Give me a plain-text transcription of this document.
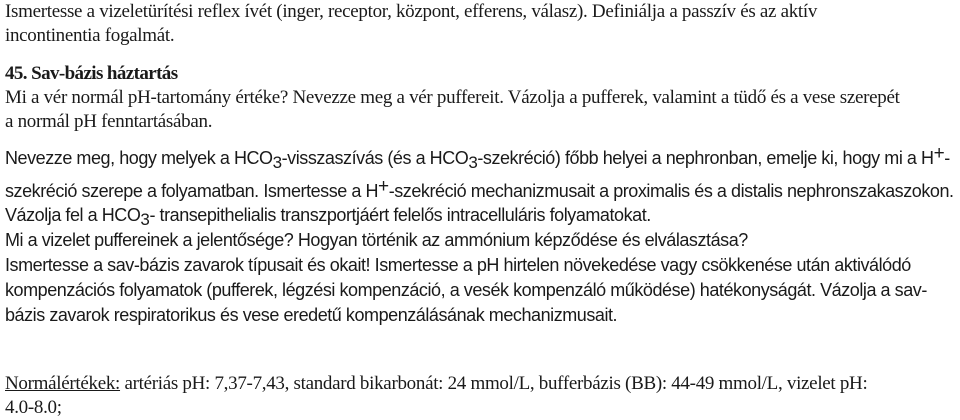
Ismertesse a vizeletürítési reflex ívét (inger, receptor, központ, efferens, válasz). Definiálja a passzív és az aktív
incontinentia fogalmát.
45. Sav-bázis háztartás
Mi a vér normál pH-tartomány értéke? Nevezze meg a vér puffereit. Vázolja a pufferek, valamint a tüdő és a vese szerepét
a normál pH fenntartásában.
Nevezze meg, hogy melyek a HCO3-visszaszívás (és a HCO3-szekréció) főbb helyei a nephronban, emelje ki, hogy mi a H+-
szekréció szerepe a folyamatban. Ismertesse a H+-szekréció mechanizmusait a proximalis és a distalis nephronszakaszokon.
Vázolja fel a HCO3- transepithelialis transzportjáért felelős intracelluláris folyamatokat.
Mi a vizelet puffereinek a jelentősége? Hogyan történik az ammónium képződése és elválasztása?
Ismertesse a sav-bázis zavarok típusait és okait! Ismertesse a pH hirtelen növekedése vagy csökkenése után aktiválódó
kompenzációs folyamatok (pufferek, légzési kompenzáció, a vesék kompenzáló működése) hatékonyságát. Vázolja a sav-
bázis zavarok respiratorikus és vese eredetű kompenzálásának mechanizmusait.
Normálértékek: artériás pH: 7,37-7,43, standard bikarbonát: 24 mmol/L, bufferbázis (BB): 44-49 mmol/L, vizelet pH:
4.0-8.0;
